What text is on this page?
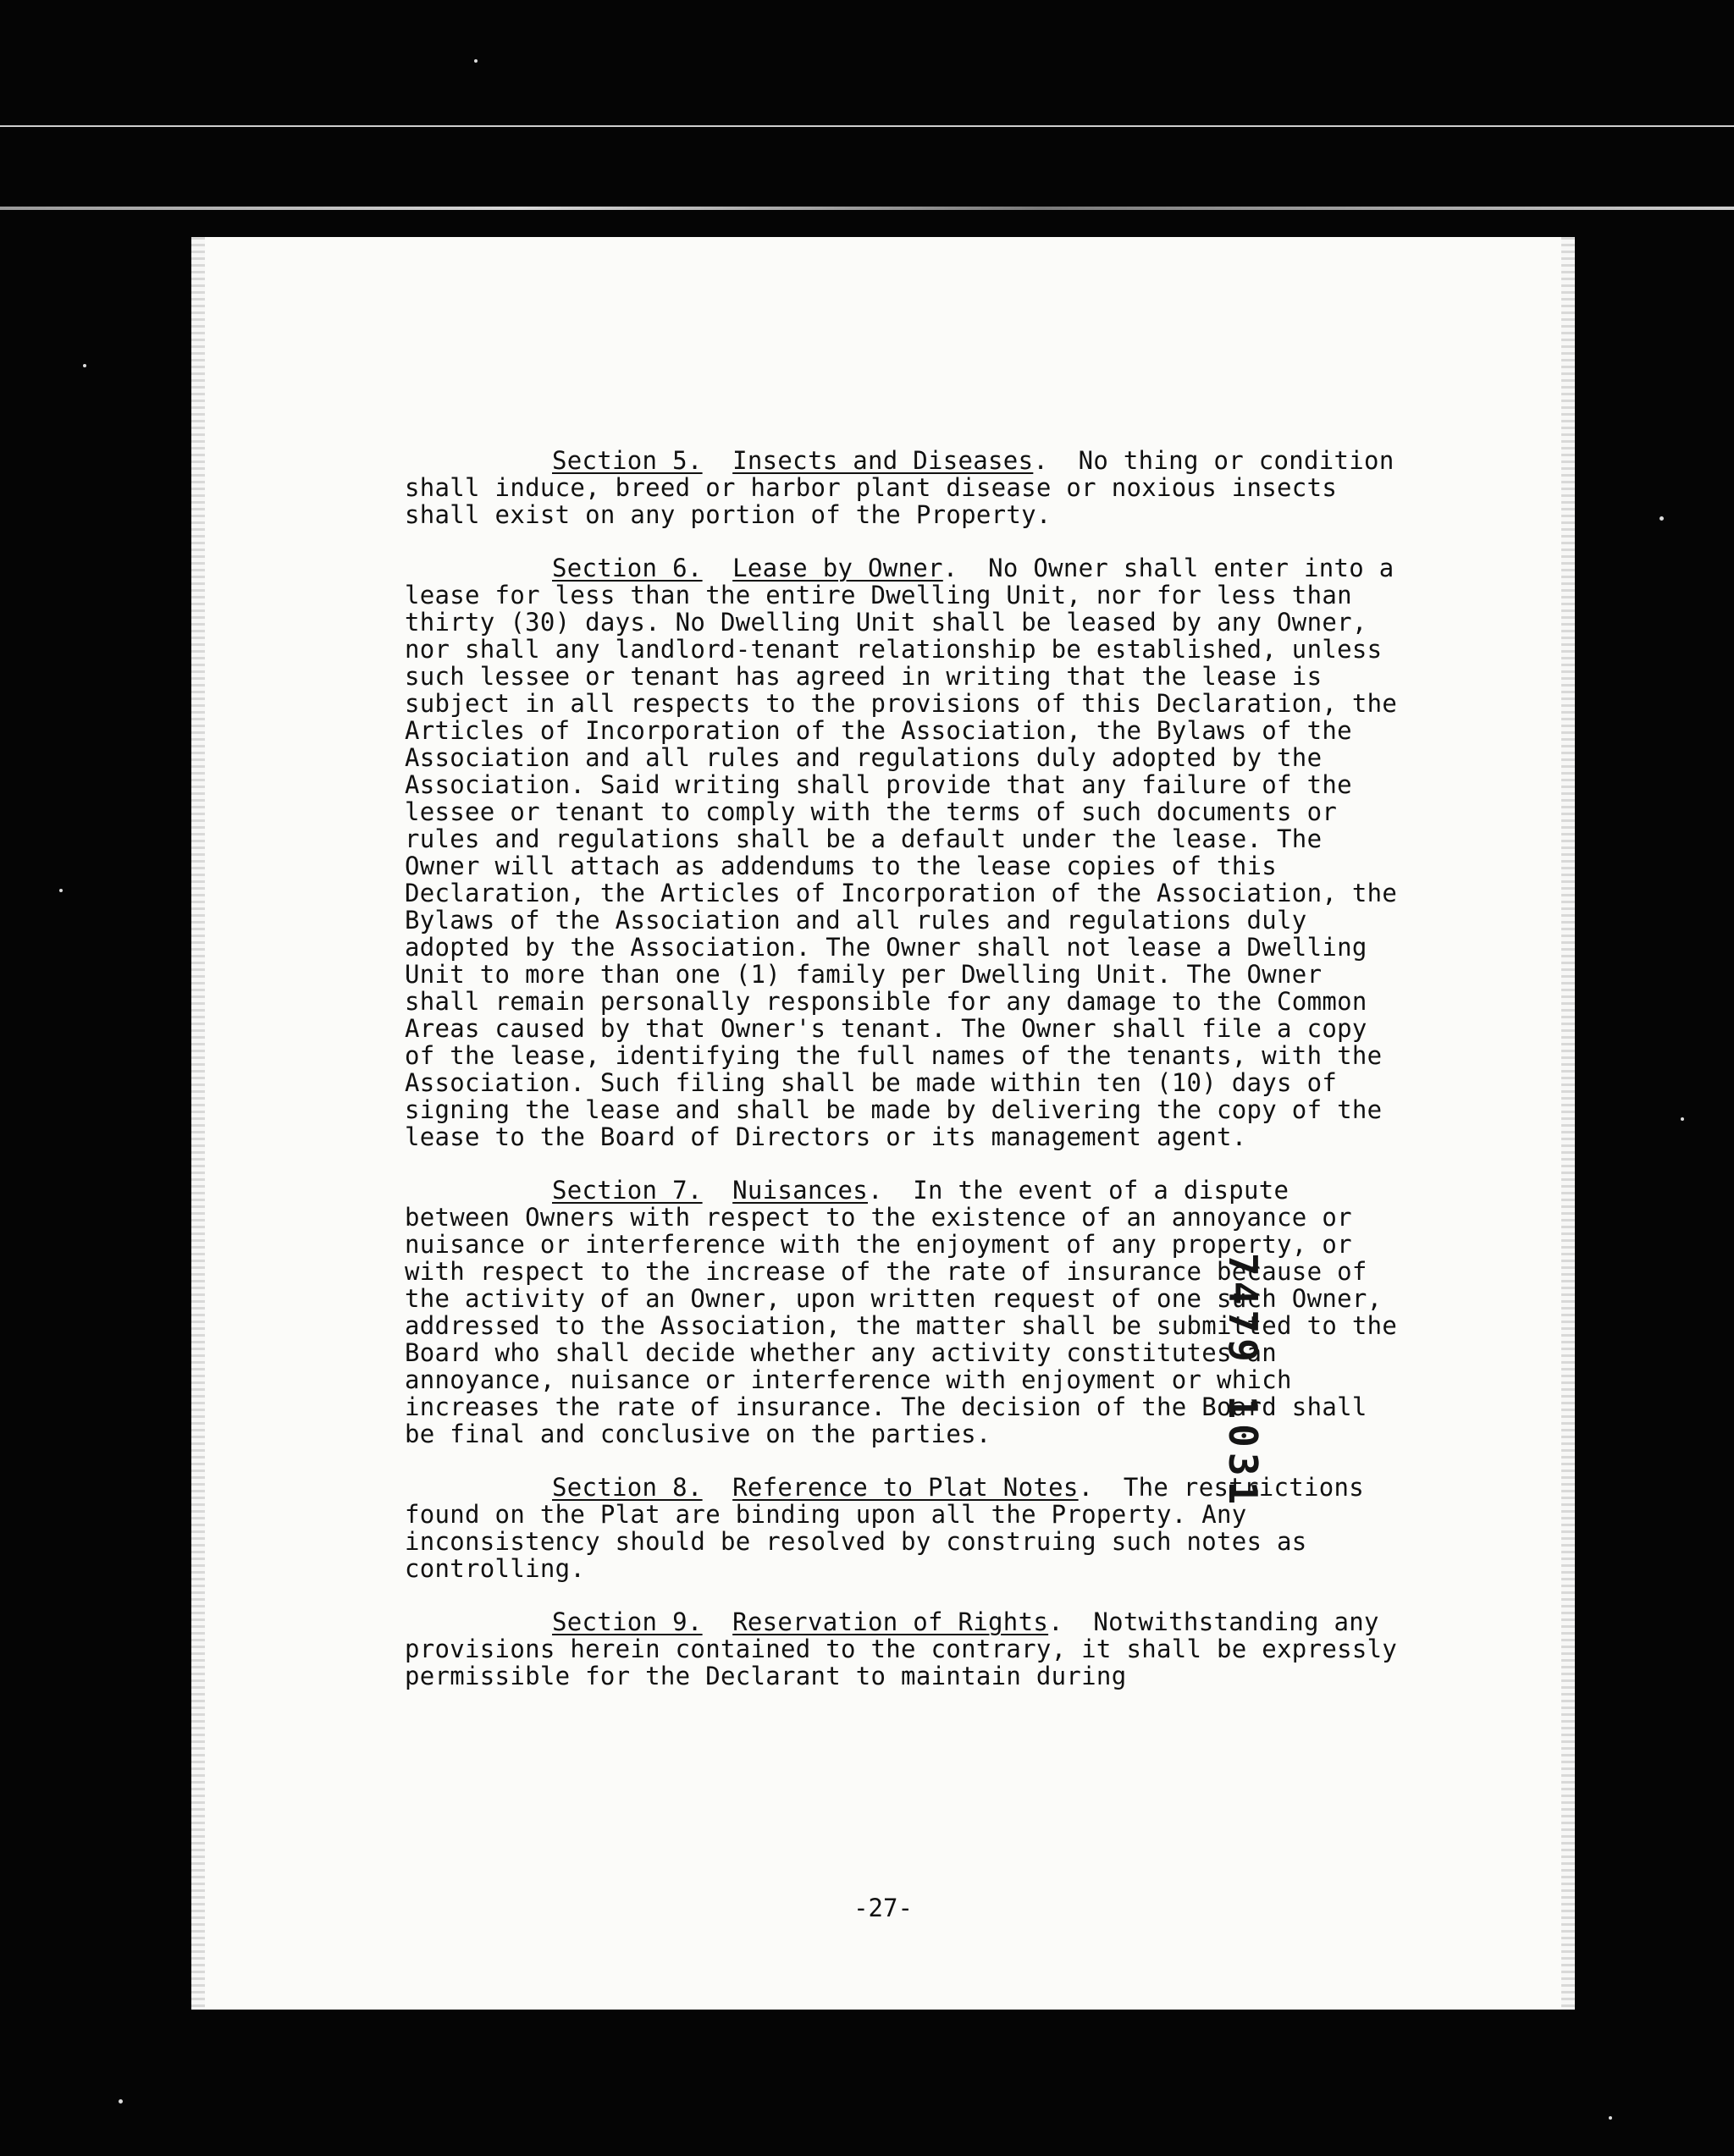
Section 5. Insects and Diseases.  No thing or condition shall induce, breed or harbor plant disease or noxious insects shall exist on any portion of the Property.

Section 6. Lease by Owner.  No Owner shall enter into a lease for less than the entire Dwelling Unit, nor for less than thirty (30) days. No Dwelling Unit shall be leased by any Owner, nor shall any landlord-tenant relationship be established, unless such lessee or tenant has agreed in writing that the lease is subject in all respects to the provisions of this Declaration, the Articles of Incorporation of the Association, the Bylaws of the Association and all rules and regulations duly adopted by the Association. Said writing shall provide that any failure of the lessee or tenant to comply with the terms of such documents or rules and regulations shall be a default under the lease. The Owner will attach as addendums to the lease copies of this Declaration, the Articles of Incorporation of the Association, the Bylaws of the Association and all rules and regulations duly adopted by the Association. The Owner shall not lease a Dwelling Unit to more than one (1) family per Dwelling Unit. The Owner shall remain personally responsible for any damage to the Common Areas caused by that Owner's tenant. The Owner shall file a copy of the lease, identifying the full names of the tenants, with the Association. Such filing shall be made within ten (10) days of signing the lease and shall be made by delivering the copy of the lease to the Board of Directors or its management agent.

Section 7. Nuisances.  In the event of a dispute between Owners with respect to the existence of an annoyance or nuisance or interference with the enjoyment of any property, or with respect to the increase of the rate of insurance because of the activity of an Owner, upon written request of one such Owner, addressed to the Association, the matter shall be submitted to the Board who shall decide whether any activity constitutes an annoyance, nuisance or interference with enjoyment or which increases the rate of insurance. The decision of the Board shall be final and conclusive on the parties.

Section 8. Reference to Plat Notes.  The restrictions found on the Plat are binding upon all the Property. Any inconsistency should be resolved by construing such notes as controlling.

Section 9. Reservation of Rights.  Notwithstanding any provisions herein contained to the contrary, it shall be expressly permissible for the Declarant to maintain during

-27-
7479 1031
